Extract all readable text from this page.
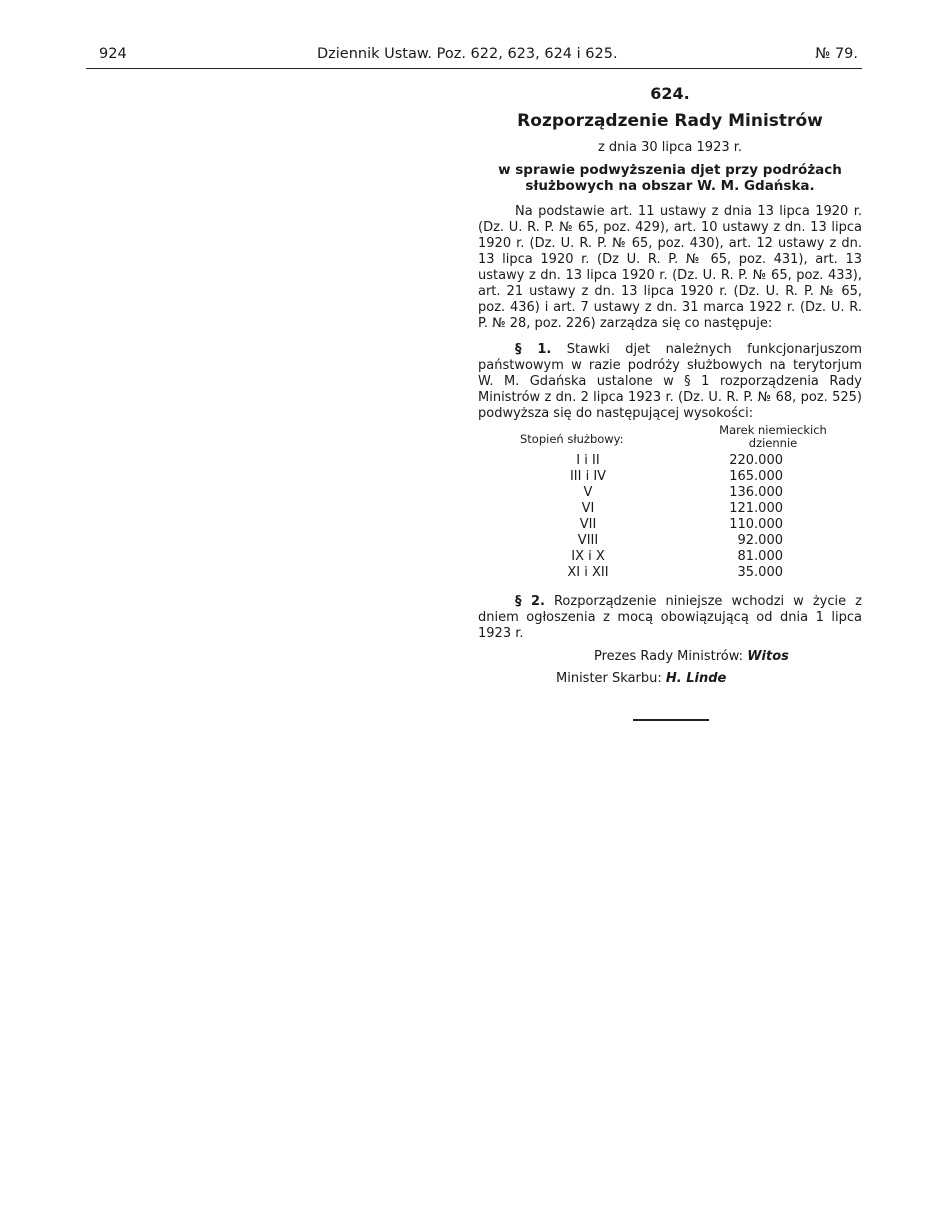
924	Dziennik Ustaw. Poz. 622, 623, 624 i 625.	№ 79.

624.

Rozporządzenie Rady Ministrów

z dnia 30 lipca 1923 r.

w sprawie podwyższenia djet przy podróżach służbowych na obszar W. M. Gdańska.

Na podstawie art. 11 ustawy z dnia 13 lipca 1920 r. (Dz. U. R. P. № 65, poz. 429), art. 10 ustawy z dn. 13 lipca 1920 r. (Dz. U. R. P. № 65, poz. 430), art. 12 ustawy z dn. 13 lipca 1920 r. (Dz U. R. P. № 65, poz. 431), art. 13 ustawy z dn. 13 lipca 1920 r. (Dz. U. R. P. № 65, poz. 433), art. 21 ustawy z dn. 13 lipca 1920 r. (Dz. U. R. P. № 65, poz. 436) i art. 7 ustawy z dn. 31 marca 1922 r. (Dz. U. R. P. № 28, poz. 226) zarządza się co następuje:

§ 1. Stawki djet należnych funkcjonarjuszom państwowym w razie podróży służbowych na terytorjum W. M. Gdańska ustalone w § 1 rozporządzenia Rady Ministrów z dn. 2 lipca 1923 r. (Dz. U. R. P. № 68, poz. 525) podwyższa się do następującej wysokości:

Stopień służbowy:
Marek niemieckich dziennie
I i II	220.000
III i IV	165.000
V	136.000
VI	121.000
VII	110.000
VIII	92.000
IX i X	81.000
XI i XII	35.000

§ 2. Rozporządzenie niniejsze wchodzi w życie z dniem ogłoszenia z mocą obowiązującą od dnia 1 lipca 1923 r.

Prezes Rady Ministrów: Witos

Minister Skarbu: H. Linde
